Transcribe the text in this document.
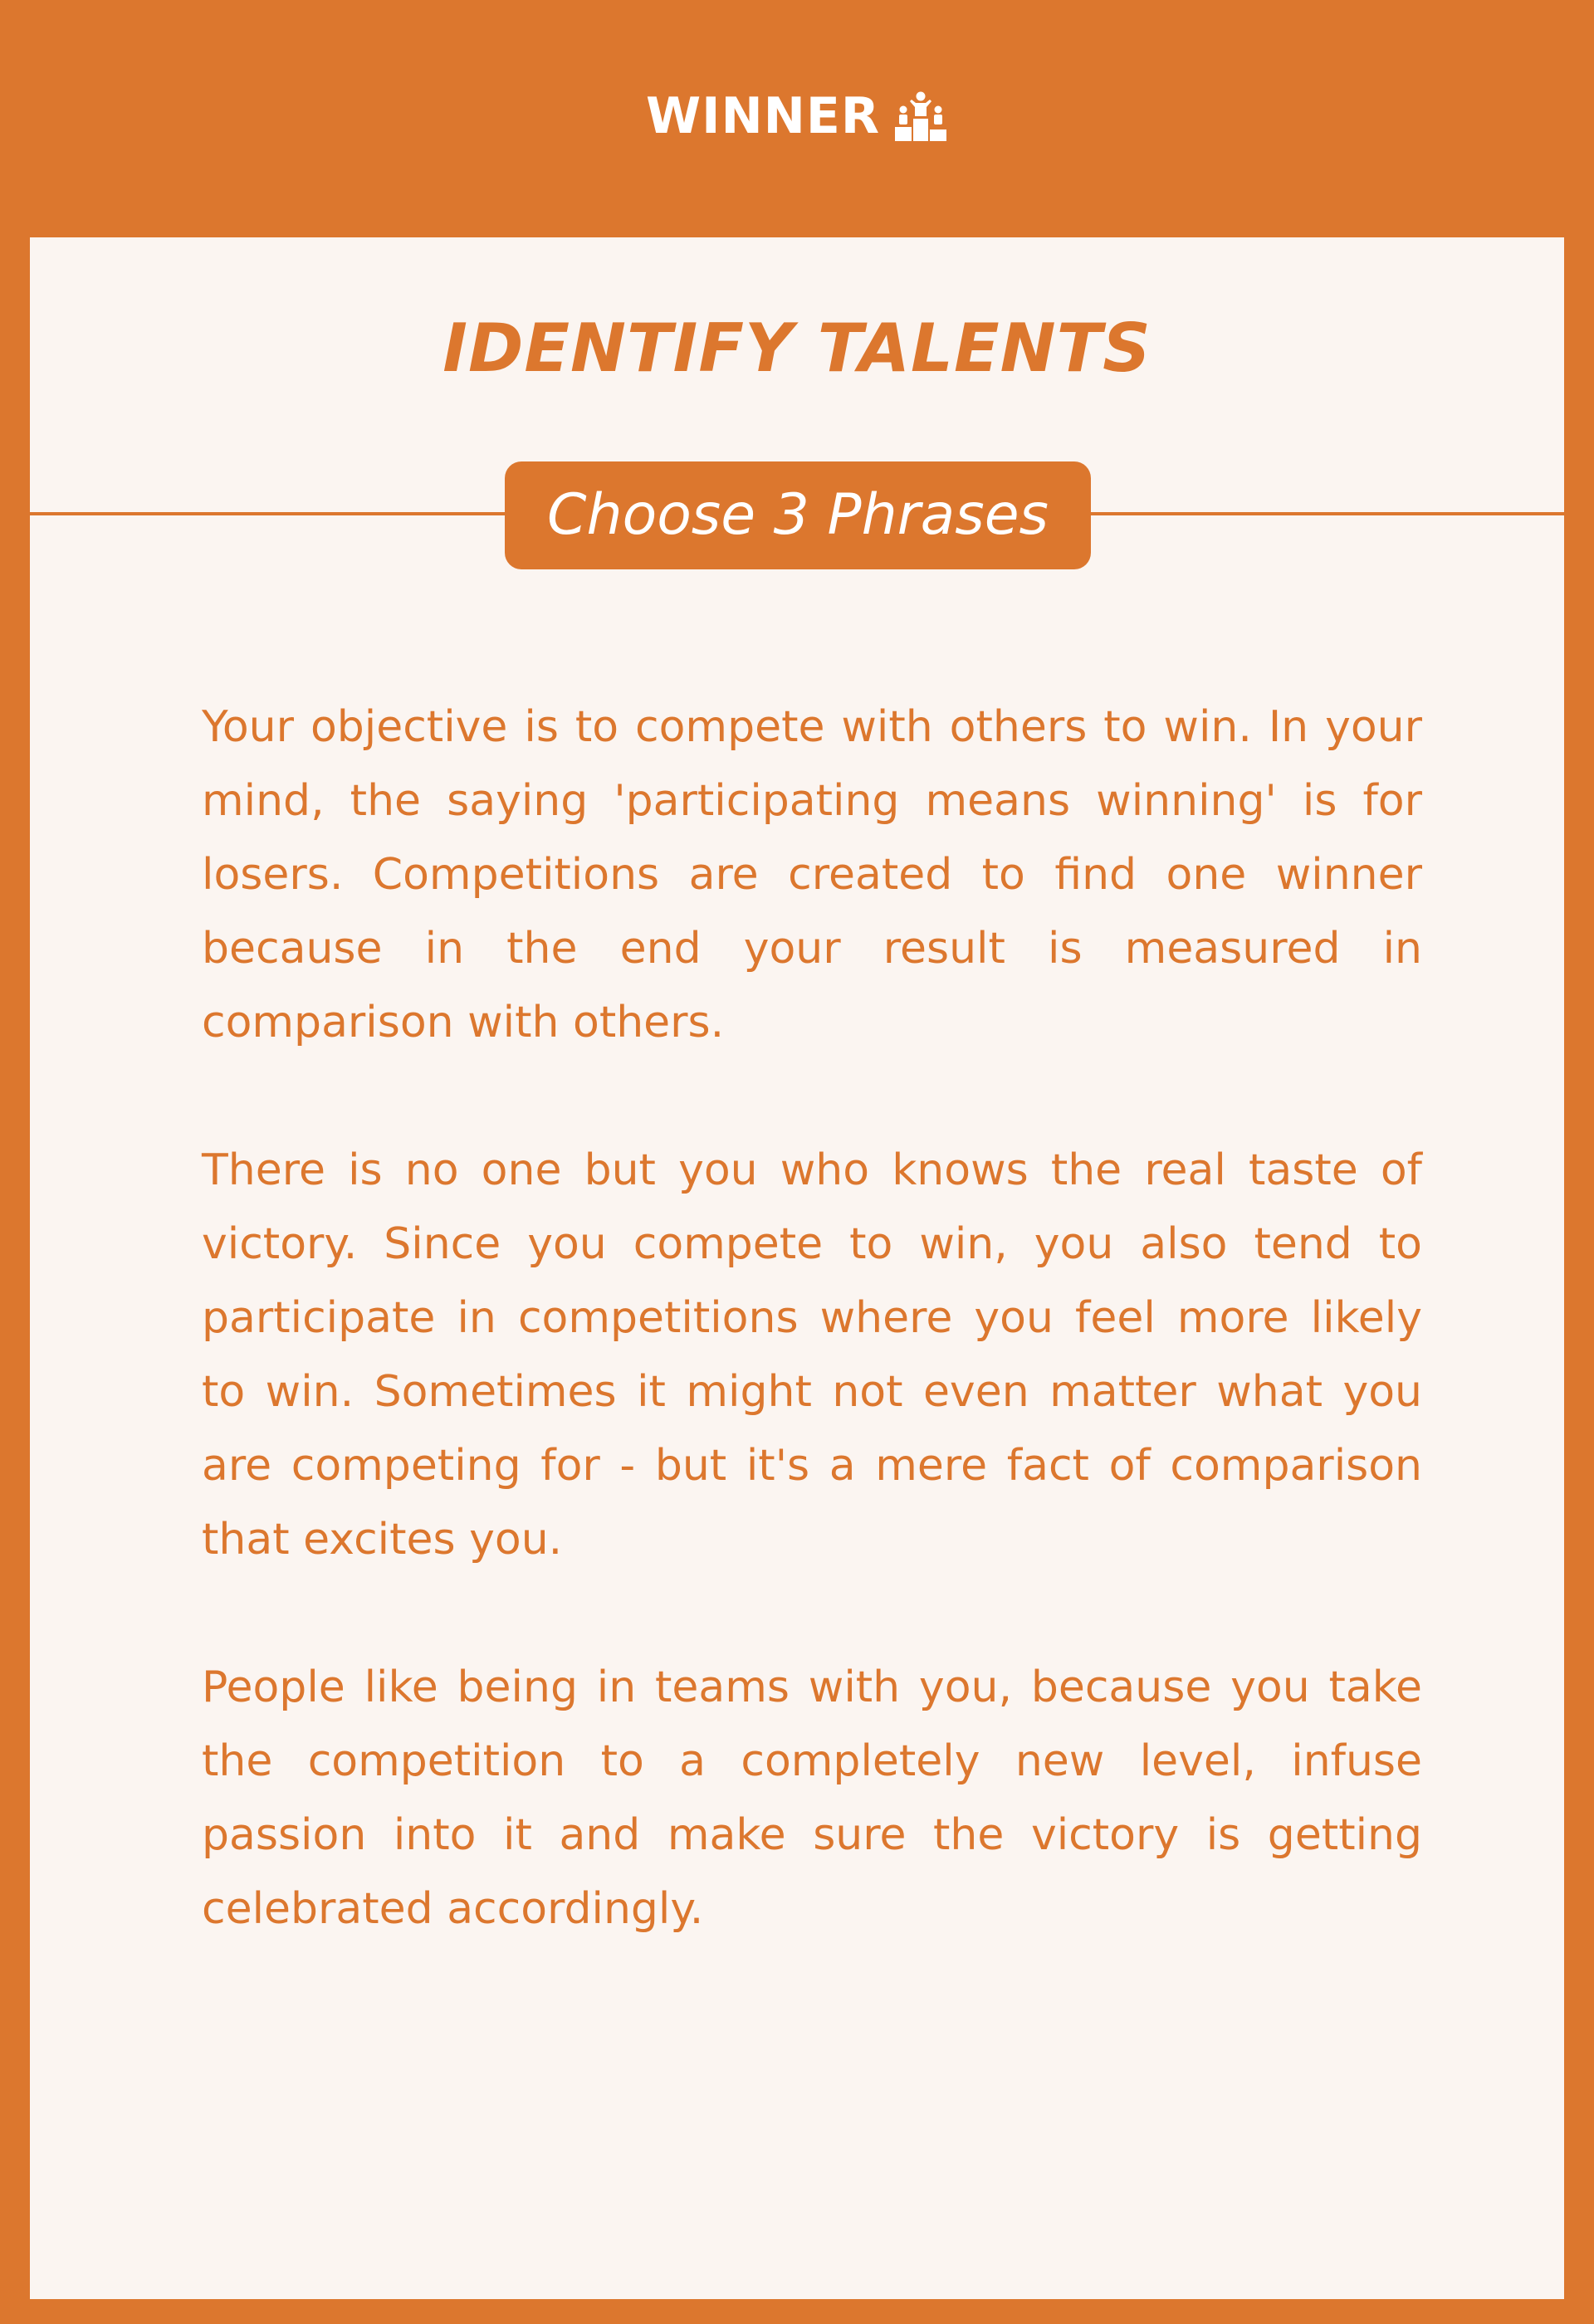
WINNER
IDENTIFY TALENTS
Choose 3 Phrases

Your objective is to compete with others to win. In your mind, the saying 'participating means winning' is for losers. Competitions are created to find one winner because in the end your result is measured in comparison with others.

There is no one but you who knows the real taste of victory. Since you compete to win, you also tend to participate in competitions where you feel more likely to win. Sometimes it might not even matter what you are competing for - but it's a mere fact of comparison that excites you.

People like being in teams with you, because you take the competition to a completely new level, infuse passion into it and make sure the victory is getting celebrated accordingly.
